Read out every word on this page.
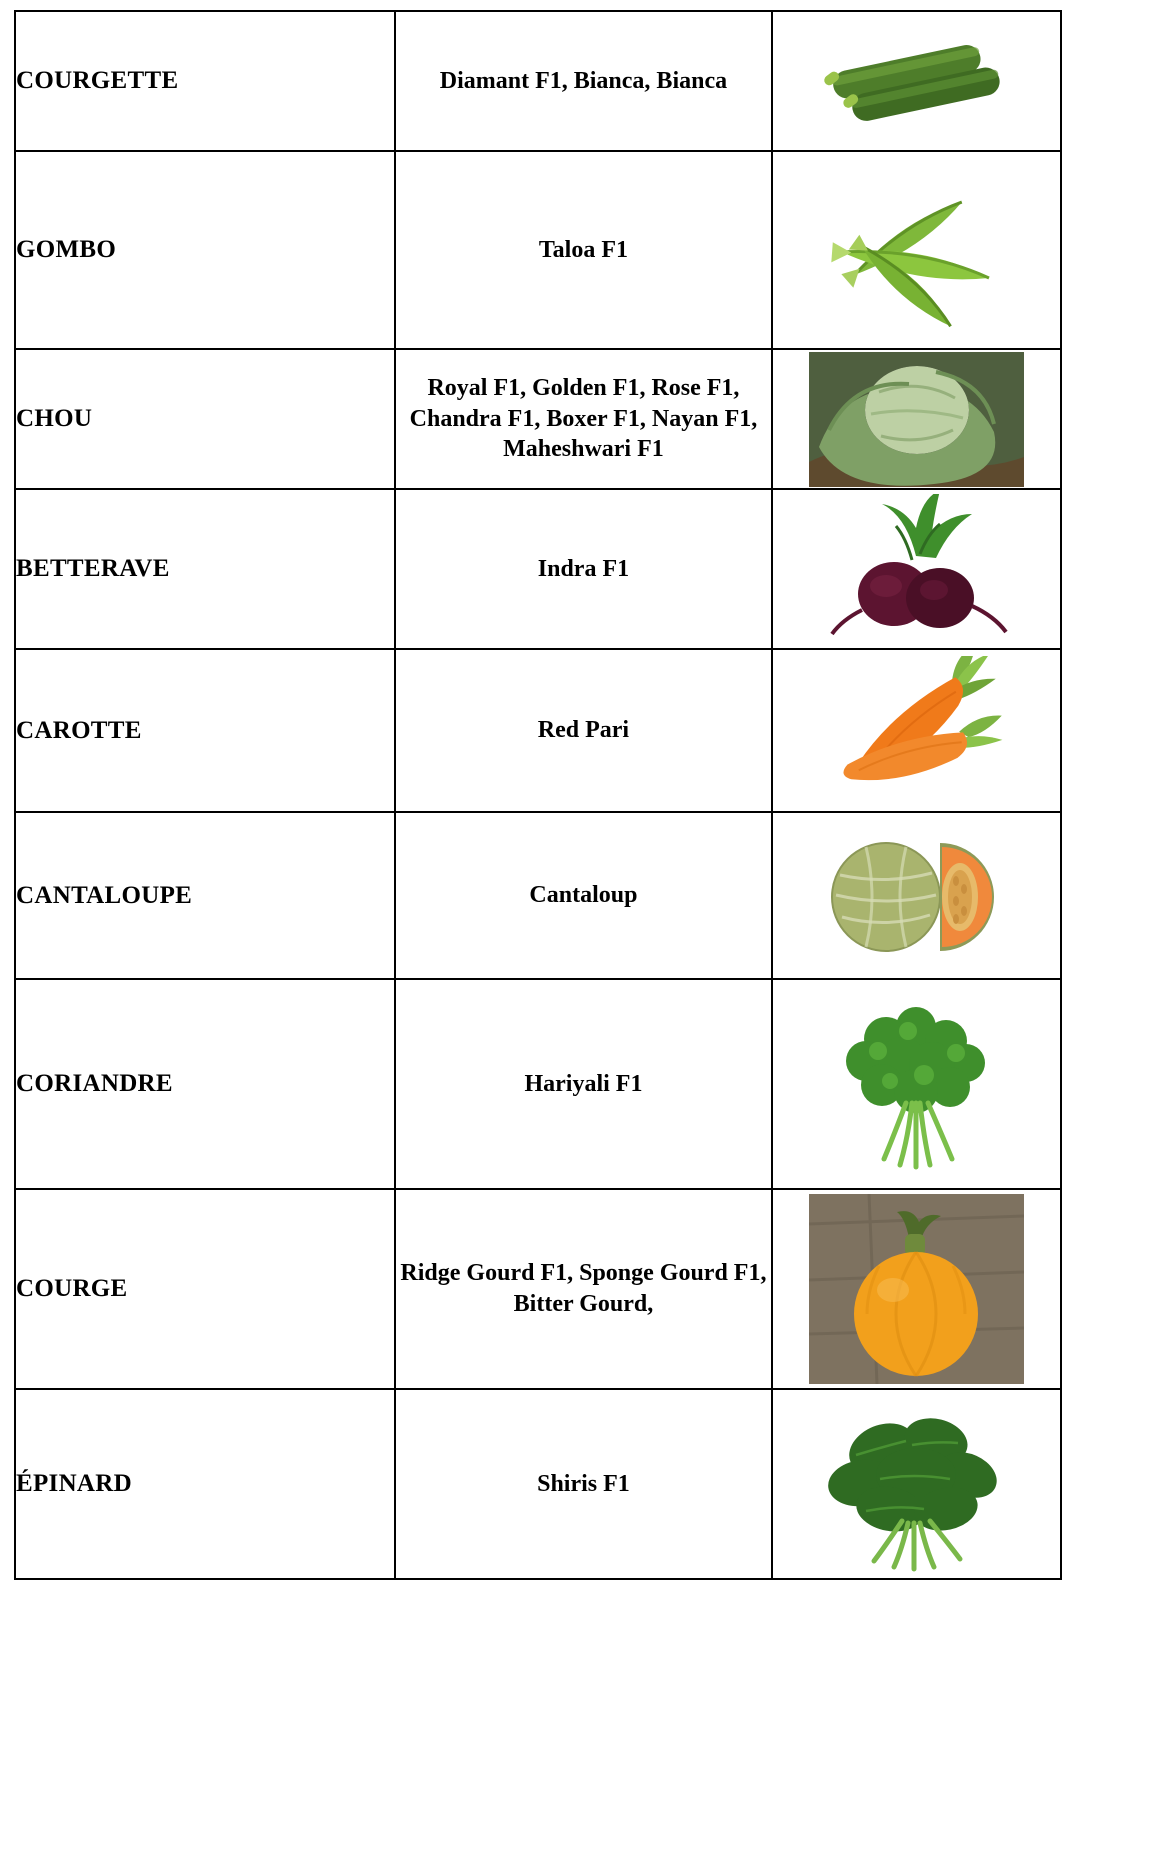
COURGETTE	Diamant F1, Bianca, Bianca	

GOMBO	Taloa F1	

CHOU	Royal F1, Golden F1, Rose F1, Chandra F1, Boxer F1, Nayan F1, Maheshwari F1	

BETTERAVE	Indra F1	

CAROTTE	Red Pari	

CANTALOUPE	Cantaloup	

CORIANDRE	Hariyali F1	

COURGE	Ridge Gourd F1, Sponge Gourd F1, Bitter Gourd,	

ÉPINARD	Shiris F1	
